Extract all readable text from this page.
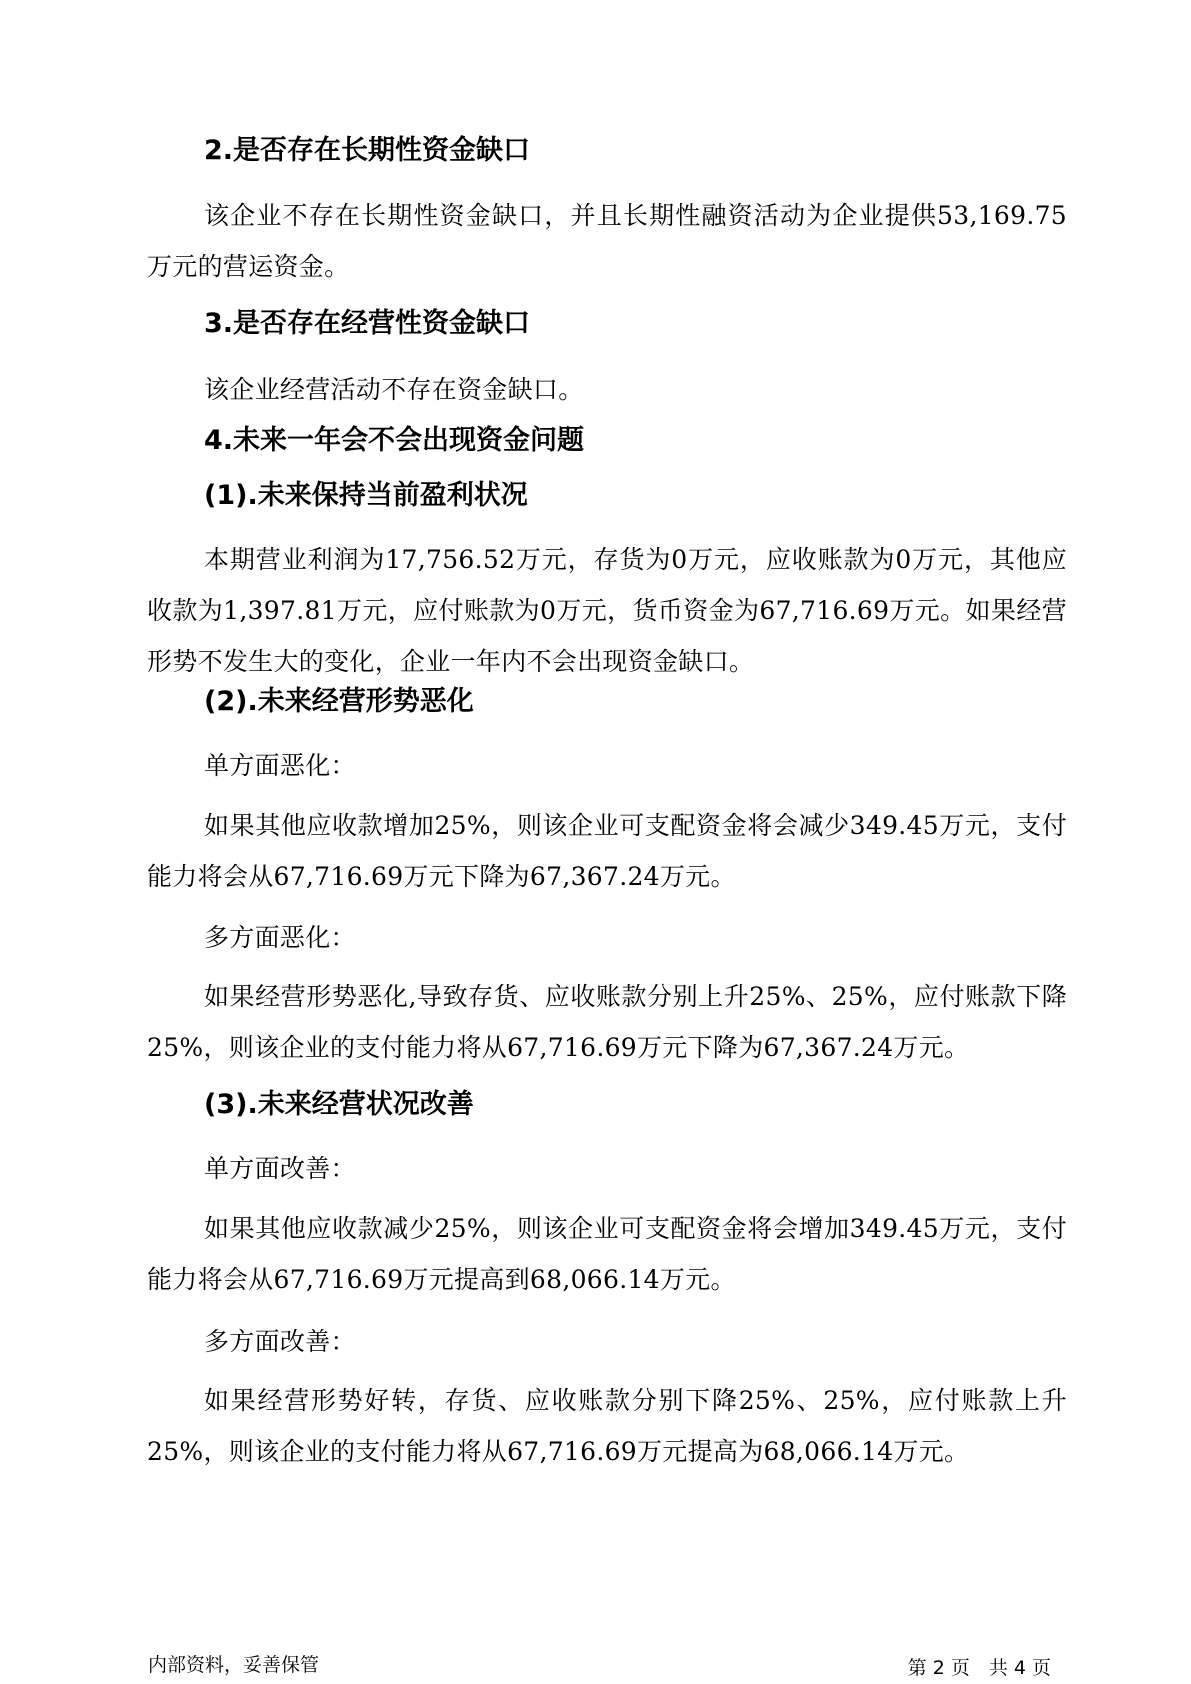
2.是否存在长期性资金缺口
该企业不存在长期性资金缺口，并且长期性融资活动为企业提供53,169.75万元的营运资金。
3.是否存在经营性资金缺口
该企业经营活动不存在资金缺口。
4.未来一年会不会出现资金问题
(1).未来保持当前盈利状况
本期营业利润为17,756.52万元，存货为0万元，应收账款为0万元，其他应收款为1,397.81万元，应付账款为0万元，货币资金为67,716.69万元。如果经营形势不发生大的变化，企业一年内不会出现资金缺口。
(2).未来经营形势恶化
单方面恶化：
如果其他应收款增加25%，则该企业可支配资金将会减少349.45万元，支付能力将会从67,716.69万元下降为67,367.24万元。
多方面恶化：
如果经营形势恶化,导致存货、应收账款分别上升25%、25%，应付账款下降25%，则该企业的支付能力将从67,716.69万元下降为67,367.24万元。
(3).未来经营状况改善
单方面改善：
如果其他应收款减少25%，则该企业可支配资金将会增加349.45万元，支付能力将会从67,716.69万元提高到68,066.14万元。
多方面改善：
如果经营形势好转，存货、应收账款分别下降25%、25%，应付账款上升25%，则该企业的支付能力将从67,716.69万元提高为68,066.14万元。
内部资料，妥善保管	第 2 页　共 4 页
